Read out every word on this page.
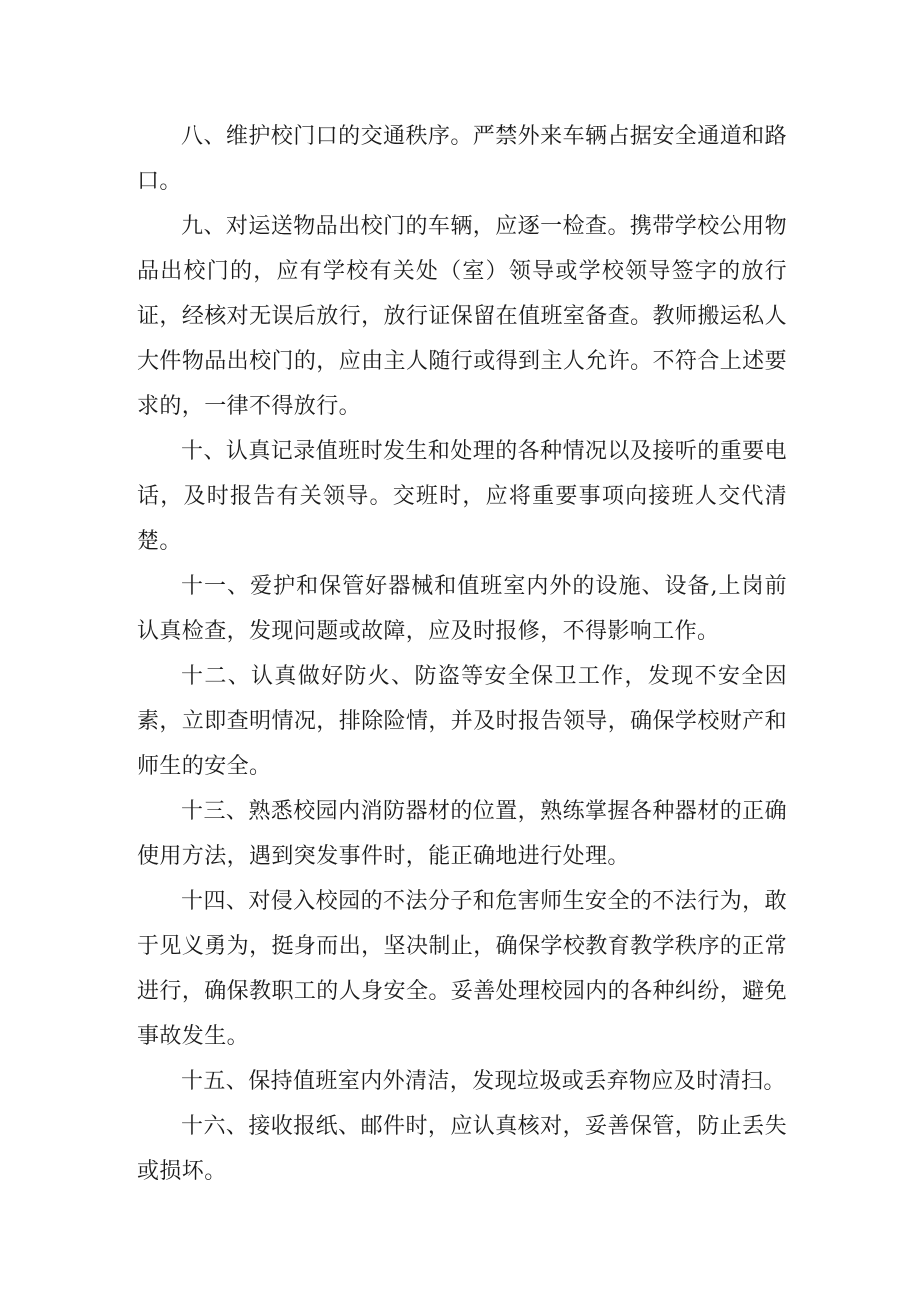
八、维护校门口的交通秩序。严禁外来车辆占据安全通道和路口。

九、对运送物品出校门的车辆，应逐一检查。携带学校公用物品出校门的，应有学校有关处（室）领导或学校领导签字的放行证，经核对无误后放行，放行证保留在值班室备查。教师搬运私人大件物品出校门的，应由主人随行或得到主人允许。不符合上述要求的，一律不得放行。

十、认真记录值班时发生和处理的各种情况以及接听的重要电话，及时报告有关领导。交班时，应将重要事项向接班人交代清楚。

十一、爱护和保管好器械和值班室内外的设施、设备,上岗前认真检查，发现问题或故障，应及时报修，不得影响工作。

十二、认真做好防火、防盗等安全保卫工作，发现不安全因素，立即查明情况，排除险情，并及时报告领导，确保学校财产和师生的安全。

十三、熟悉校园内消防器材的位置，熟练掌握各种器材的正确使用方法，遇到突发事件时，能正确地进行处理。

十四、对侵入校园的不法分子和危害师生安全的不法行为，敢于见义勇为，挺身而出，坚决制止，确保学校教育教学秩序的正常进行，确保教职工的人身安全。妥善处理校园内的各种纠纷，避免事故发生。

十五、保持值班室内外清洁，发现垃圾或丢弃物应及时清扫。

十六、接收报纸、邮件时，应认真核对，妥善保管，防止丢失或损坏。
